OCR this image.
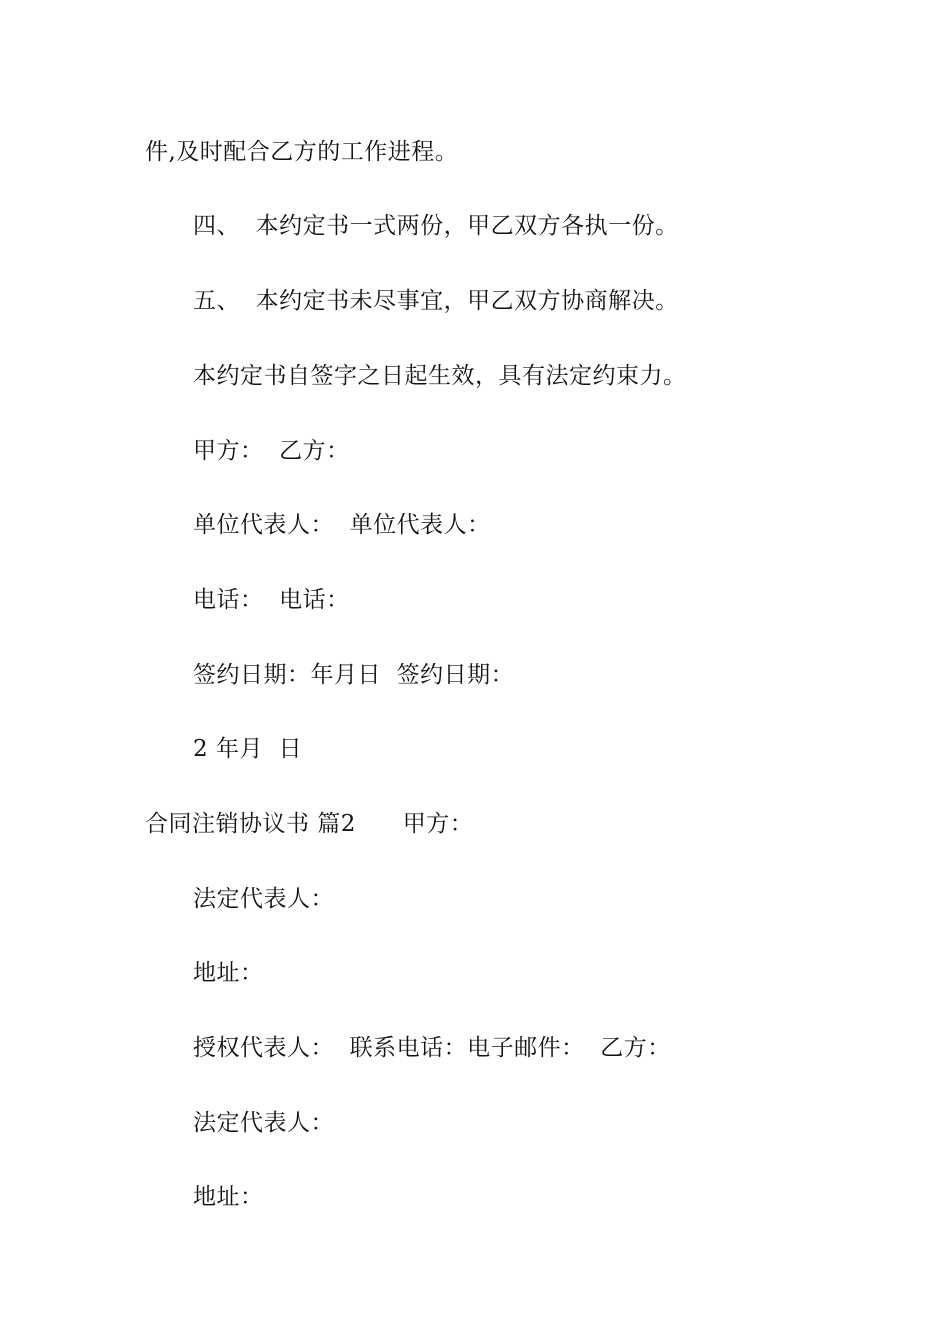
件,及时配合乙方的工作进程。
四、  本约定书一式两份，甲乙双方各执一份。
五、  本约定书未尽事宜，甲乙双方协商解决。
本约定书自签字之日起生效，具有法定约束力。
甲方：  乙方：
单位代表人：  单位代表人：
电话：  电话：
签约日期：年月日  签约日期：
2 年月  日
合同注销协议书 篇2      甲方：
法定代表人：
地址：
授权代表人：  联系电话：电子邮件：  乙方：
法定代表人：
地址：
